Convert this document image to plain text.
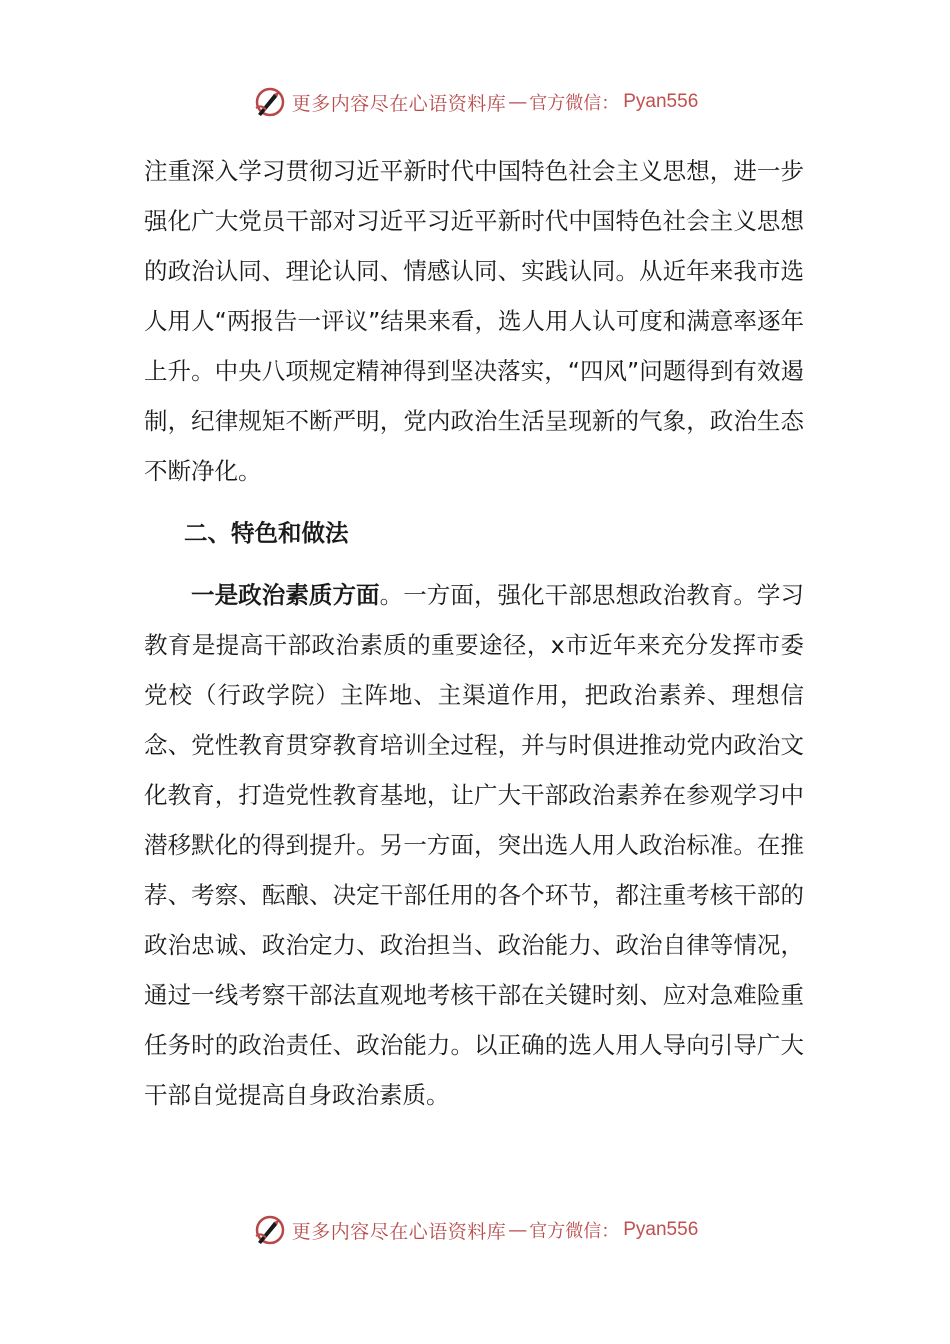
更多内容尽在心语资料库 — 官方微信： Pyan556

注重深入学习贯彻习近平新时代中国特色社会主义思想，进一步强化广大党员干部对习近平习近平新时代中国特色社会主义思想的政治认同、理论认同、情感认同、实践认同。从近年来我市选人用人“两报告一评议”结果来看，选人用人认可度和满意率逐年上升。中央八项规定精神得到坚决落实，“四风”问题得到有效遏制，纪律规矩不断严明，党内政治生活呈现新的气象，政治生态不断净化。

二、特色和做法

一是政治素质方面。一方面，强化干部思想政治教育。学习教育是提高干部政治素质的重要途径，x市近年来充分发挥市委党校（行政学院）主阵地、主渠道作用，把政治素养、理想信念、党性教育贯穿教育培训全过程，并与时俱进推动党内政治文化教育，打造党性教育基地，让广大干部政治素养在参观学习中潜移默化的得到提升。另一方面，突出选人用人政治标准。在推荐、考察、酝酿、决定干部任用的各个环节，都注重考核干部的政治忠诚、政治定力、政治担当、政治能力、政治自律等情况，通过一线考察干部法直观地考核干部在关键时刻、应对急难险重任务时的政治责任、政治能力。以正确的选人用人导向引导广大干部自觉提高自身政治素质。

更多内容尽在心语资料库 — 官方微信： Pyan556
